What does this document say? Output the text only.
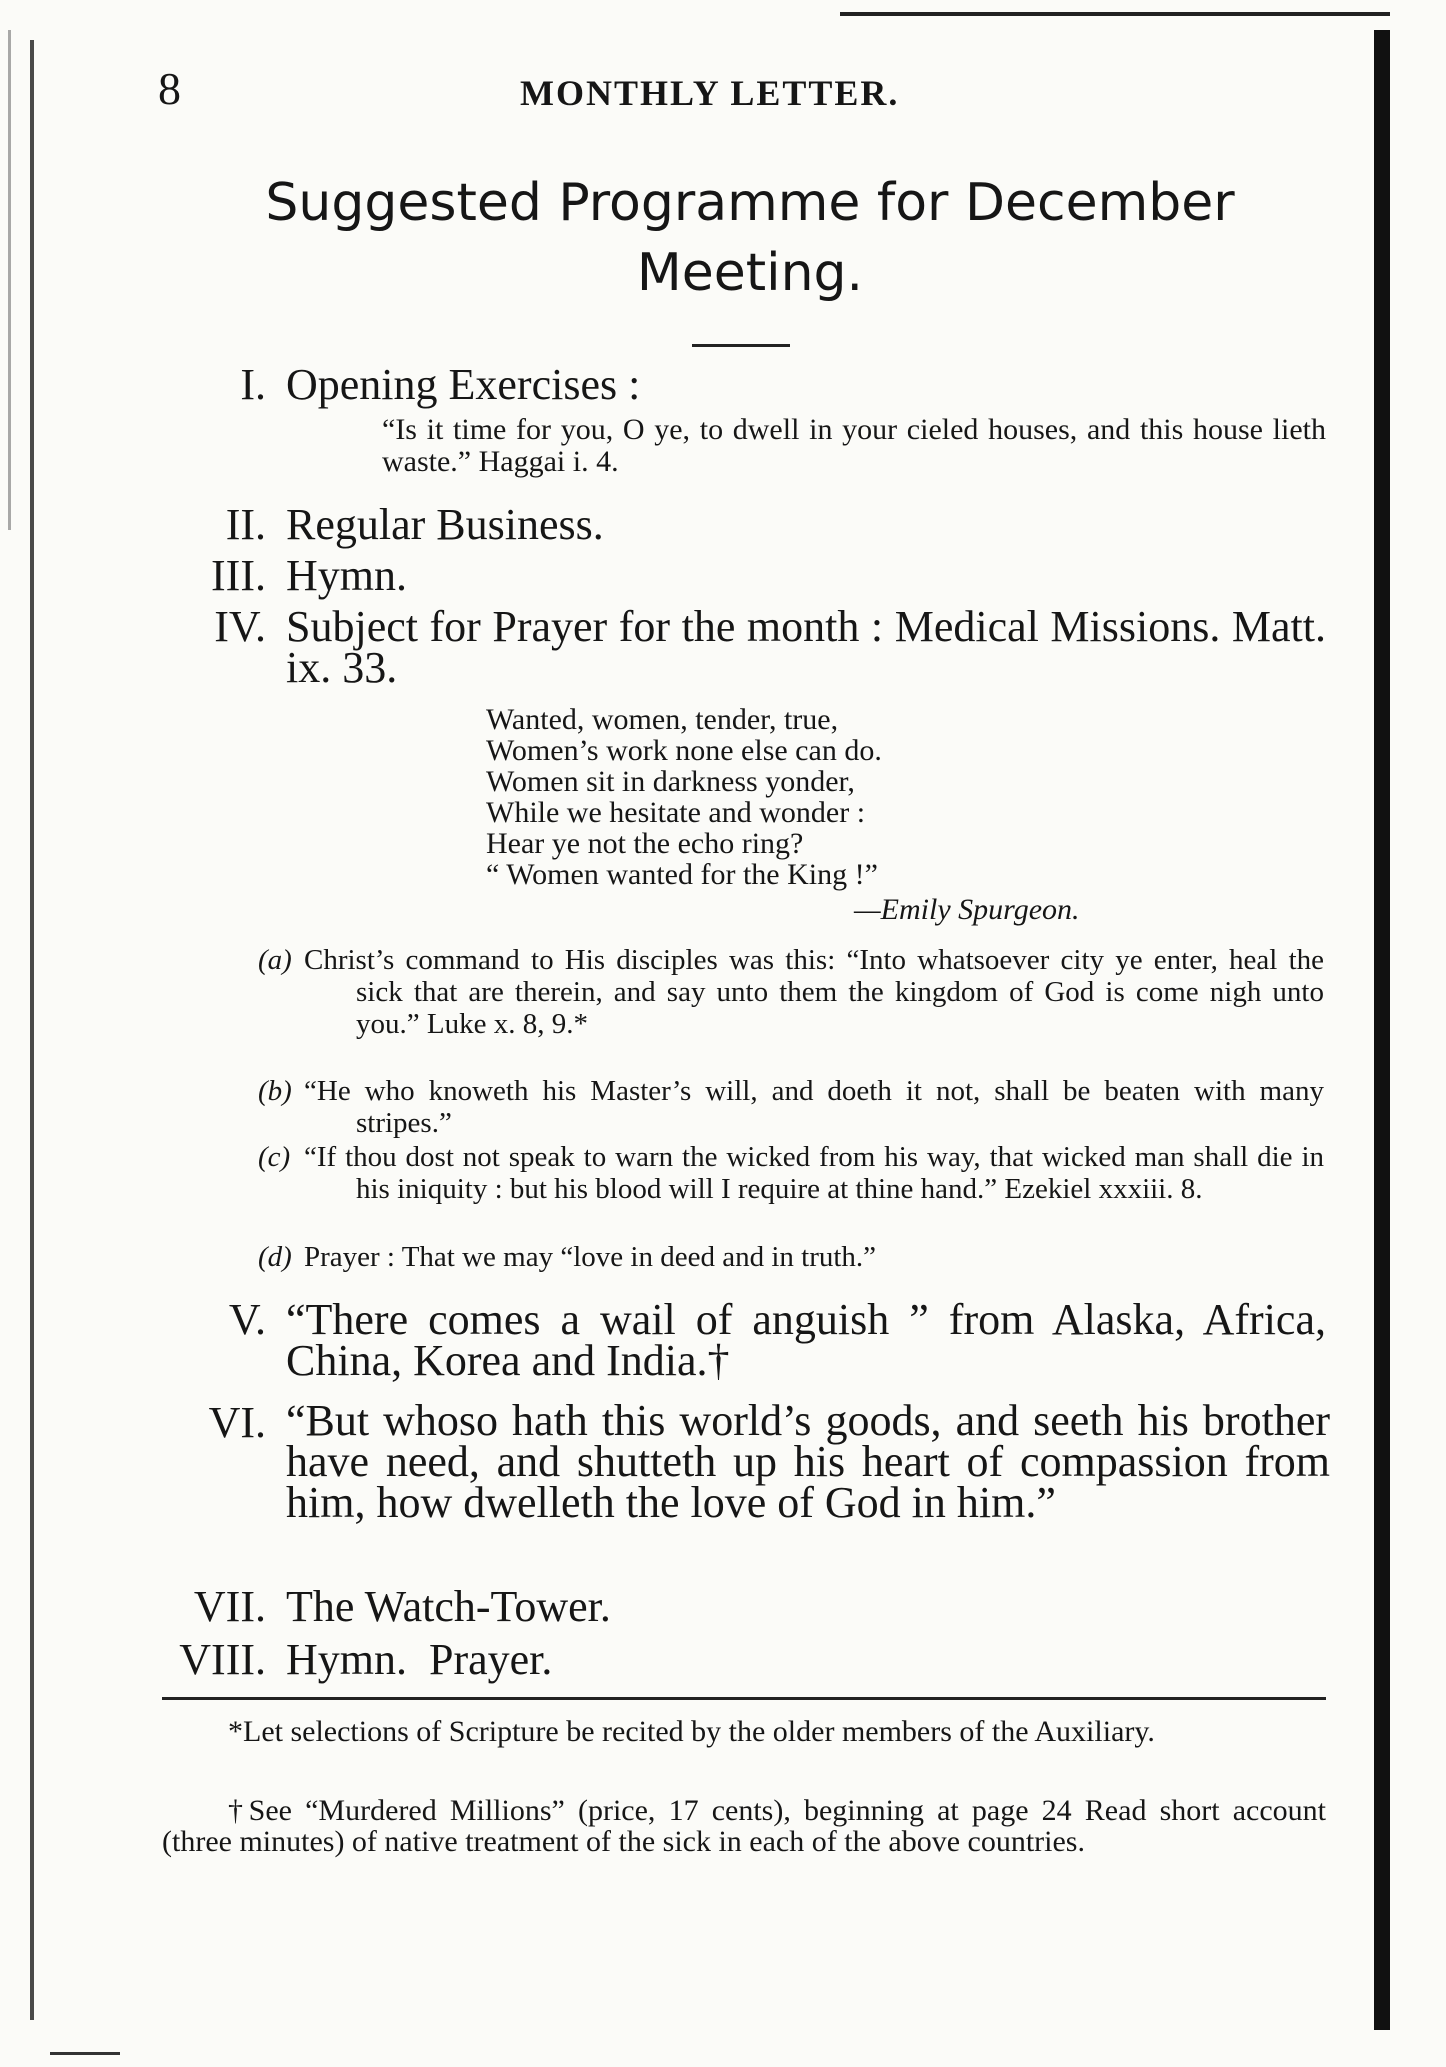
8	MONTHLY LETTER.
Suggested Programme for December
Meeting.
I. Opening Exercises :
“Is it time for you, O ye, to dwell in your cieled houses, and this house lieth waste.” Haggai i. 4.
II. Regular Business.
III. Hymn.
IV. Subject for Prayer for the month : Medical Missions. Matt. ix. 33.
Wanted, women, tender, true,
Women’s work none else can do.
Women sit in darkness yonder,
While we hesitate and wonder :
Hear ye not the echo ring?
“ Women wanted for the King !”
—Emily Spurgeon.
(a) Christ’s command to His disciples was this: “Into whatsoever city ye enter, heal the sick that are therein, and say unto them the kingdom of God is come nigh unto you.” Luke x. 8, 9.*
(b) “He who knoweth his Master’s will, and doeth it not, shall be beaten with many stripes.”
(c) “If thou dost not speak to warn the wicked from his way, that wicked man shall die in his iniquity : but his blood will I require at thine hand.” Ezekiel xxxiii. 8.
(d) Prayer : That we may “love in deed and in truth.”
V. “There comes a wail of anguish ” from Alaska, Africa, China, Korea and India.†
VI. “But whoso hath this world’s goods, and seeth his brother have need, and shutteth up his heart of compassion from him, how dwelleth the love of God in him.”
VII. The Watch-Tower.
VIII. Hymn.  Prayer.
*Let selections of Scripture be recited by the older members of the Auxiliary.
†See “Murdered Millions” (price, 17 cents), beginning at page 24 Read short account (three minutes) of native treatment of the sick in each of the above countries.
